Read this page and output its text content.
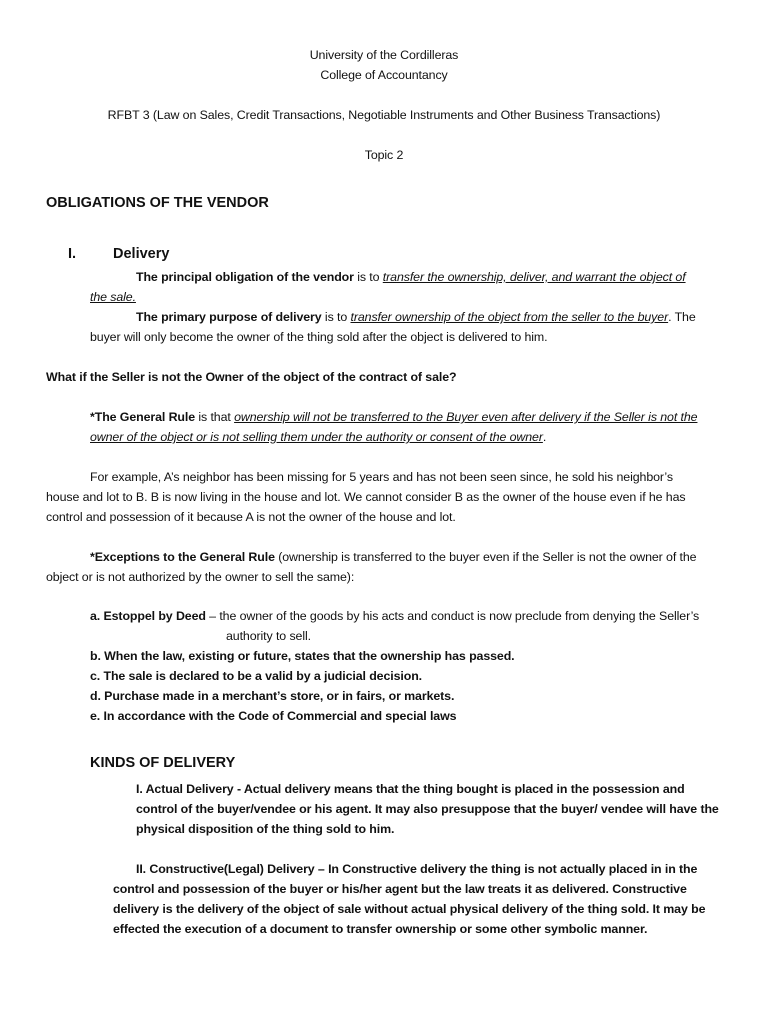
University of the Cordilleras
College of Accountancy
RFBT 3 (Law on Sales, Credit Transactions, Negotiable Instruments and Other Business Transactions)
Topic 2
OBLIGATIONS OF THE VENDOR
I.	Delivery
The principal obligation of the vendor is to transfer the ownership, deliver, and warrant the object of
the sale.
The primary purpose of delivery is to transfer ownership of the object from the seller to the buyer. The
buyer will only become the owner of the thing sold after the object is delivered to him.
What if the Seller is not the Owner of the object of the contract of sale?
*The General Rule is that ownership will not be transferred to the Buyer even after delivery if the Seller is not the
owner of the object or is not selling them under the authority or consent of the owner.
For example, A’s neighbor has been missing for 5 years and has not been seen since, he sold his neighbor’s
house and lot to B. B is now living in the house and lot. We cannot consider B as the owner of the house even if he has
control and possession of it because A is not the owner of the house and lot.
*Exceptions to the General Rule (ownership is transferred to the buyer even if the Seller is not the owner of the
object or is not authorized by the owner to sell the same):
a. Estoppel by Deed – the owner of the goods by his acts and conduct is now preclude from denying the Seller’s
authority to sell.
b. When the law, existing or future, states that the ownership has passed.
c. The sale is declared to be a valid by a judicial decision.
d. Purchase made in a merchant’s store, or in fairs, or markets.
e. In accordance with the Code of Commercial and special laws
KINDS OF DELIVERY
I. Actual Delivery - Actual delivery means that the thing bought is placed in the possession and
control of the buyer/vendee or his agent. It may also presuppose that the buyer/ vendee will have the
physical disposition of the thing sold to him.
II. Constructive(Legal) Delivery – In Constructive delivery the thing is not actually placed in in the
control and possession of the buyer or his/her agent but the law treats it as delivered. Constructive
delivery is the delivery of the object of sale without actual physical delivery of the thing sold. It may be
effected the execution of a document to transfer ownership or some other symbolic manner.
